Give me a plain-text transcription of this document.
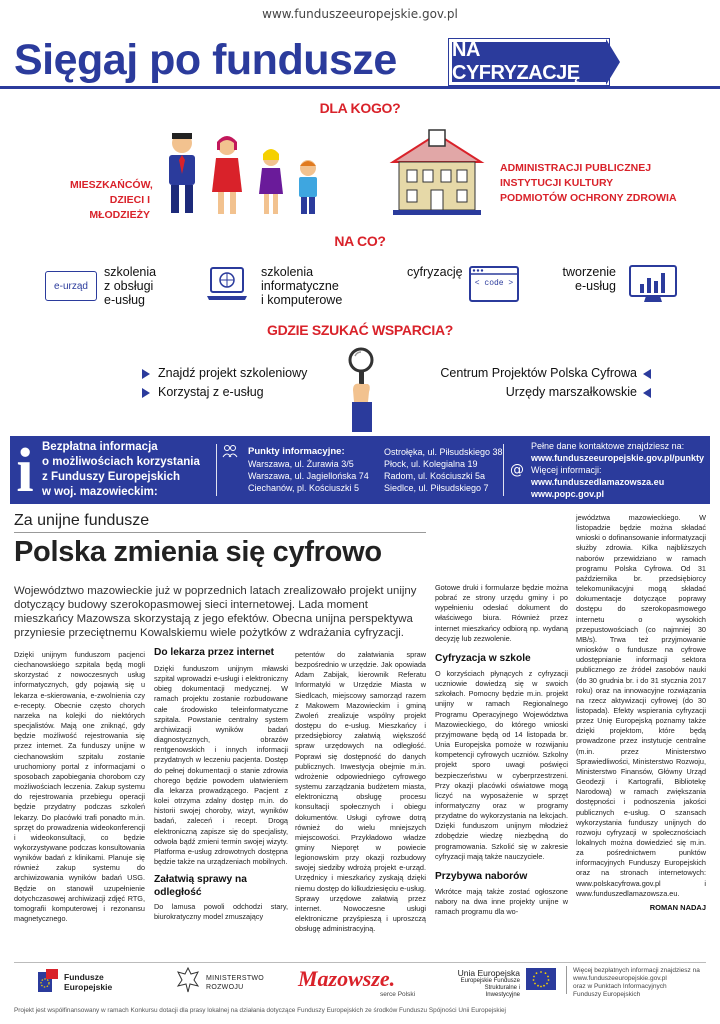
www.funduszeeuropejskie.gov.pl
Sięgaj po fundusze	NA CYFRYZACJĘ
DLA KOGO?
MIESZKAŃCÓW,
DZIECI I MŁODZIEŻY
ADMINISTRACJI PUBLICZNEJ
INSTYTUCJI KULTURY
PODMIOTÓW OCHRONY ZDROWIA
NA CO?
e-urząd
szkolenia
z obsługi
e-usług
szkolenia
informatyczne
i komputerowe
cyfryzację
< code >
tworzenie
e-usług
GDZIE SZUKAĆ WSPARCIA?
Znajdź projekt szkoleniowy
Korzystaj z e-usług
Centrum Projektów Polska Cyfrowa
Urzędy marszałkowskie
i Bezpłatna informacja
o możliwościach korzystania
z Funduszy Europejskich
w woj. mazowieckim:
Punkty informacyjne:
Warszawa, ul. Żurawia 3/5
Warszawa, ul. Jagiellońska 74
Ciechanów, pl. Kościuszki 5
Ostrołęka, ul. Piłsudskiego 38
Płock, ul. Kolegialna 19
Radom, ul. Kościuszki 5a
Siedlce, ul. Piłsudskiego 7
@
Pełne dane kontaktowe znajdziesz na:
www.funduszeeuropejskie.gov.pl/punkty
Więcej informacji:
www.funduszedlamazowsza.eu
www.popc.gov.pl
Za unijne fundusze
Polska zmienia się cyfrowo
Województwo mazowieckie już w poprzednich latach zrealizowało projekt unijny dotyczący budowy szerokopasmowej sieci internetowej. Lada moment mieszkańcy Mazowsza skorzystają z jego efektów. Obecna unijna perspektywa przyniesie przeciętnemu Kowalskiemu wiele pożytków z wdrażania cyfryzacji.
Dzięki unijnym funduszom pacjenci ciechanowskiego szpitala będą mogli skorzystać z nowoczesnych usług informatycznych, gdy pojawią się u lekarza e-skierowania, e-zwolnienia czy e-recepty. Obecnie często chorych narzeka na kolejki do niektórych specjalistów. Mają one zniknąć, gdy będzie możliwość rejestrowania się przez internet. Za funduszy unijne w ciechanowskim szpitalu zostanie uruchomiony portal z informacjami o sposobach zapobiegania chorobom czy możliwościach leczenia. Zakup systemu do rejestrowania przebiegu operacji będzie przydatny podczas szkoleń lekarzy. Do placówki trafi ponadto m.in. sprzęt do prowadzenia wideokonferencji i wideokonsultacji, co będzie wykorzystywane podczas konsultowania wyników badań z klinikami. Planuje się również zakup systemu do archiwizowania wyników badań USG. Będzie on stanowił uzupełnienie dotychczasowej archiwizacji zdjęć RTG, tomografii komputerowej i rezonansu magnetycznego.
Do lekarza przez internet
Dzięki funduszom unijnym mławski szpital wprowadzi e-usługi i elektroniczny obieg dokumentacji medycznej. W ramach projektu zostanie rozbudowane całe środowisko teleinformatyczne szpitala. Powstanie centralny system archiwizacji wyników badań diagnostycznych, obrazów rentgenowskich i innych informacji przydatnych w leczeniu pacjenta. Dostęp do pełnej dokumentacji o stanie zdrowia chorego będzie powodem ułatwieniem dla lekarza prowadzącego. Pacjent z kolei otrzyma zdalny dostęp m.in. do historii swojej choroby, wizyt, wyników badań, zaleceń i recept. Drogą elektroniczną zapisze się do specjalisty, odwoła bądź zmieni termin swojej wizyty. Platforma e-usług zdrowotnych dostępna będzie także na urządzeniach mobilnych.
Załatwią sprawy na odległość
Do lamusa powoli odchodzi stary, biurokratyczny model zmuszający
petentów do załatwiania spraw bezpośrednio w urzędzie. Jak opowiada Adam Zabijak, kierownik Referatu Informatyki w Urzędzie Miasta w Siedlcach, miejscowy samorząd razem z Makowem Mazowieckim i gminą Zwoleń zrealizuje wspólny projekt dostępu do e-usług. Mieszkańcy i przedsiębiorcy załatwią większość spraw urzędowych na odległość. Poprawi się dostępność do danych publicznych. Inwestycja obejmie m.in. wdrożenie odpowiedniego cyfrowego systemu zarządzania budżetem miasta, elektroniczną obsługę procesu konsultacji społecznych i obiegu dokumentów. Usługi cyfrowe dotrą również do wielu mniejszych miejscowości. Przykładowo władze gminy Nieporęt w powiecie legionowskim przy okazji rozbudowy swojej siedziby wdrożą projekt e-urząd. Urzędnicy i mieszkańcy zyskają dzięki niemu dostęp do kilkudziesięciu e-usług. Sprawy urzędowe załatwią przez internet. Nowoczesne usługi elektroniczne przyśpieszą i uproszczą obsługę administracyjną.
Gotowe druki i formularze będzie można pobrać ze strony urzędu gminy i po wypełnieniu odesłać dokument do właściwego biura. Również przez internet mieszkańcy odbiorą np. wydaną decyzję lub zezwolenie.
Cyfryzacja w szkole
O korzyściach płynących z cyfryzacji uczniowie dowiedzą się w swoich szkołach. Pomocny będzie m.in. projekt unijny w ramach Regionalnego Programu Operacyjnego Województwa Mazowieckiego, do którego wnioski przyjmowane będą od 14 listopada br. Unia Europejska pomoże w rozwijaniu kompetencji cyfrowych uczniów. Szkolny projekt sporo uwagi poświęci bezpieczeństwu w cyberprzestrzeni. Przy okazji placówki oświatowe mogą liczyć na wyposażenie w sprzęt informatyczny oraz w programy przydatne do wykorzystania na lekcjach. Dzięki funduszom unijnym młodzież zdobędzie wiedzę niezbędną do programowania. Szkolić się w zakresie cyfryzacji mają także nauczyciele.
Przybywa naborów
Wkrótce mają także zostać ogłoszone nabory na dwa inne projekty unijne w ramach programu dla wo-
jewództwa mazowieckiego. W listopadzie będzie można składać wnioski o dofinansowanie informatyzacji służby zdrowia. Kilka najbliższych naborów przewidziano w ramach programu Polska Cyfrowa. Od 31 października br. przedsiębiorcy telekomunikacyjni mogą składać dokumentacje dotyczące poprawy dostępu do szerokopasmowego internetu o wysokich przepustowościach (co najmniej 30 MB/s). Trwa też przyjmowanie wniosków o fundusze na cyfrowe udostępnianie informacji sektora publicznego ze źródeł zasobów nauki (do 30 grudnia br. i do 31 stycznia 2017 roku) oraz na innowacyjne rozwiązania na rzecz aktywizacji cyfrowej (do 30 listopada). Efekty wspierania cyfryzacji przez Unię Europejską poznamy także dzięki projektom, które będą prowadzone przez instytucje centralne (m.in. przez Ministerstwo Sprawiedliwości, Ministerstwo Rozwoju, Ministerstwo Finansów, Główny Urząd Geodezji i Kartografii, Bibliotekę Narodową) w ramach zwiększania dostępności i podnoszenia jakości publicznych e-usług. O szansach wykorzystania funduszy unijnych do rozwoju cyfryzacji w społecznościach lokalnych można dowiedzieć się m.in. za pośrednictwem punktów informacyjnych Funduszy Europejskich oraz na stronach internetowych: www.polskacyfrowa.gov.pl i www.funduszedlamazowsza.eu.
ROMAN NADAJ
Fundusze
Europejskie
MINISTERSTWO
ROZWOJU	Mazowsze.
serce Polski
Unia Europejska
Europejskie Fundusze
Strukturalne i Inwestycyjne
Więcej bezpłatnych informacji znajdziesz na
www.funduszeeuropejskie.gov.pl
oraz w Punktach Informacyjnych
Funduszy Europejskich
Projekt jest współfinansowany w ramach Konkursu dotacji dla prasy lokalnej na działania dotyczące Funduszy Europejskich ze środków Funduszu Spójności Unii Europejskiej
